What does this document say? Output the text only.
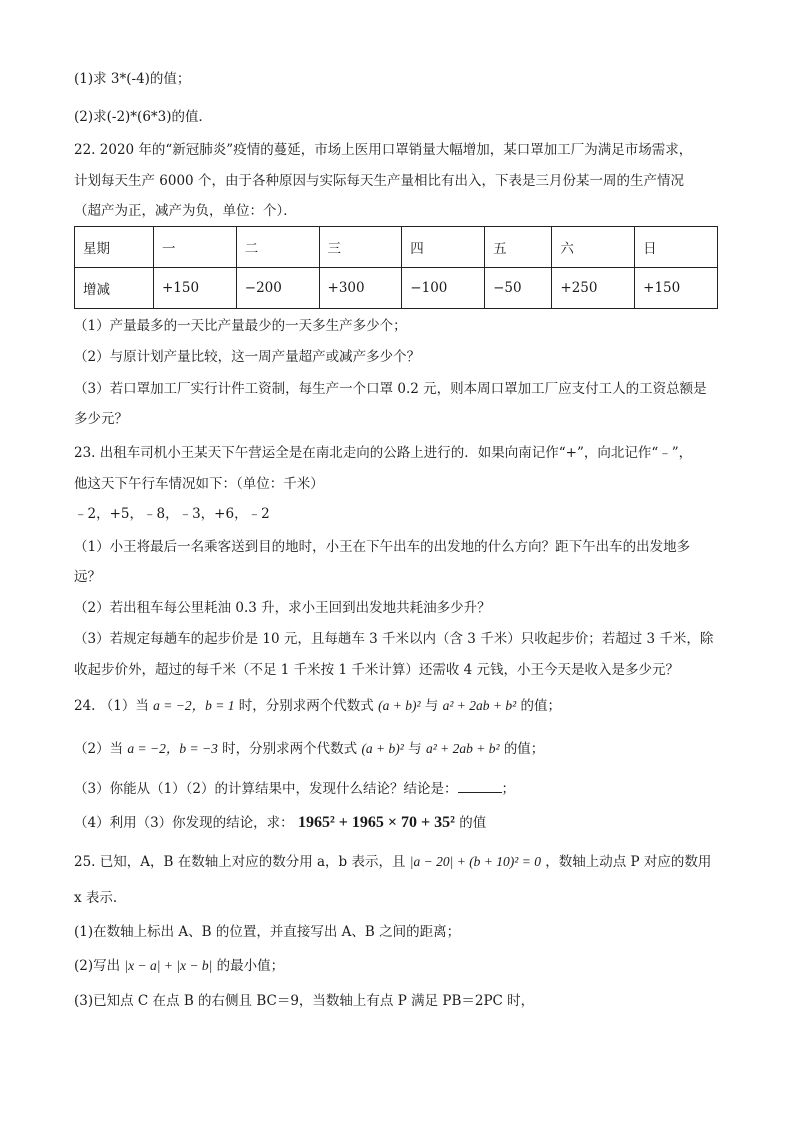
(1)求 3*(-4)的值；
(2)求(-2)*(6*3)的值．
22. 2020 年的“新冠肺炎”疫情的蔓延，市场上医用口罩销量大幅增加，某口罩加工厂为满足市场需求，
计划每天生产 6000 个，由于各种原因与实际每天生产量相比有出入，下表是三月份某一周的生产情况
（超产为正，减产为负，单位：个）．
星期	一	二	三	四	五	六	日
增减	+150	−200	+300	−100	−50	+250	+150
（1）产量最多的一天比产量最少的一天多生产多少个；
（2）与原计划产量比较，这一周产量超产或减产多少个？
（3）若口罩加工厂实行计件工资制，每生产一个口罩 0.2 元，则本周口罩加工厂应支付工人的工资总额是
多少元？
23. 出租车司机小王某天下午营运全是在南北走向的公路上进行的．如果向南记作“+”，向北记作“﹣”，
他这天下午行车情况如下：（单位：千米）
﹣2，+5，﹣8，﹣3，+6，﹣2
（1）小王将最后一名乘客送到目的地时，小王在下午出车的出发地的什么方向？距下午出车的出发地多
远？
（2）若出租车每公里耗油 0.3 升，求小王回到出发地共耗油多少升？
（3）若规定每趟车的起步价是 10 元，且每趟车 3 千米以内（含 3 千米）只收起步价；若超过 3 千米，除
收起步价外，超过的每千米（不足 1 千米按 1 千米计算）还需收 4 元钱，小王今天是收入是多少元？
24. （1）当 a = −2，b = 1 时，分别求两个代数式 (a + b)² 与 a² + 2ab + b² 的值；
（2）当 a = −2，b = −3 时，分别求两个代数式 (a + b)² 与 a² + 2ab + b² 的值；
（3）你能从（1）（2）的计算结果中，发现什么结论？结论是：	；
（4）利用（3）你发现的结论，求： 1965² + 1965 × 70 + 35² 的值
25. 已知，A，B 在数轴上对应的数分用 a，b 表示，且 |a − 20| + (b + 10)² = 0 ，数轴上动点 P 对应的数用
x 表示.
(1)在数轴上标出 A、B 的位置，并直接写出 A、B 之间的距离；
(2)写出 |x − a| + |x − b| 的最小值；
(3)已知点 C 在点 B 的右侧且 BC＝9，当数轴上有点 P 满足 PB＝2PC 时，
